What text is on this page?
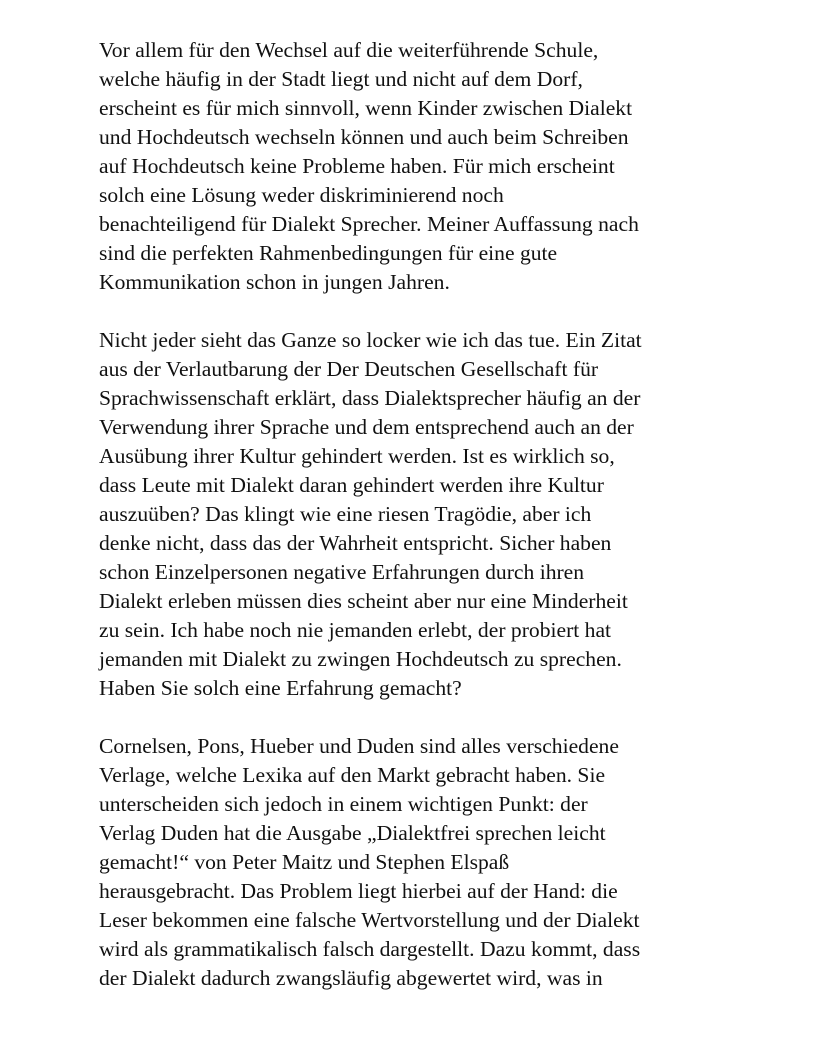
Vor allem für den Wechsel auf die weiterführende Schule,
welche häufig in der Stadt liegt und nicht auf dem Dorf,
erscheint es für mich sinnvoll, wenn Kinder zwischen Dialekt
und Hochdeutsch wechseln können und auch beim Schreiben
auf Hochdeutsch keine Probleme haben. Für mich erscheint
solch eine Lösung weder diskriminierend noch
benachteiligend für Dialekt Sprecher. Meiner Auffassung nach
sind die perfekten Rahmenbedingungen für eine gute
Kommunikation schon in jungen Jahren.

Nicht jeder sieht das Ganze so locker wie ich das tue. Ein Zitat
aus der Verlautbarung der Der Deutschen Gesellschaft für
Sprachwissenschaft erklärt, dass Dialektsprecher häufig an der
Verwendung ihrer Sprache und dem entsprechend auch an der
Ausübung ihrer Kultur gehindert werden. Ist es wirklich so,
dass Leute mit Dialekt daran gehindert werden ihre Kultur
auszuüben? Das klingt wie eine riesen Tragödie, aber ich
denke nicht, dass das der Wahrheit entspricht. Sicher haben
schon Einzelpersonen negative Erfahrungen durch ihren
Dialekt erleben müssen dies scheint aber nur eine Minderheit
zu sein. Ich habe noch nie jemanden erlebt, der probiert hat
jemanden mit Dialekt zu zwingen Hochdeutsch zu sprechen.
Haben Sie solch eine Erfahrung gemacht?

Cornelsen, Pons, Hueber und Duden sind alles verschiedene
Verlage, welche Lexika auf den Markt gebracht haben. Sie
unterscheiden sich jedoch in einem wichtigen Punkt: der
Verlag Duden hat die Ausgabe „Dialektfrei sprechen leicht
gemacht!“ von Peter Maitz und Stephen Elspaß
herausgebracht. Das Problem liegt hierbei auf der Hand: die
Leser bekommen eine falsche Wertvorstellung und der Dialekt
wird als grammatikalisch falsch dargestellt. Dazu kommt, dass
der Dialekt dadurch zwangsläufig abgewertet wird, was in
